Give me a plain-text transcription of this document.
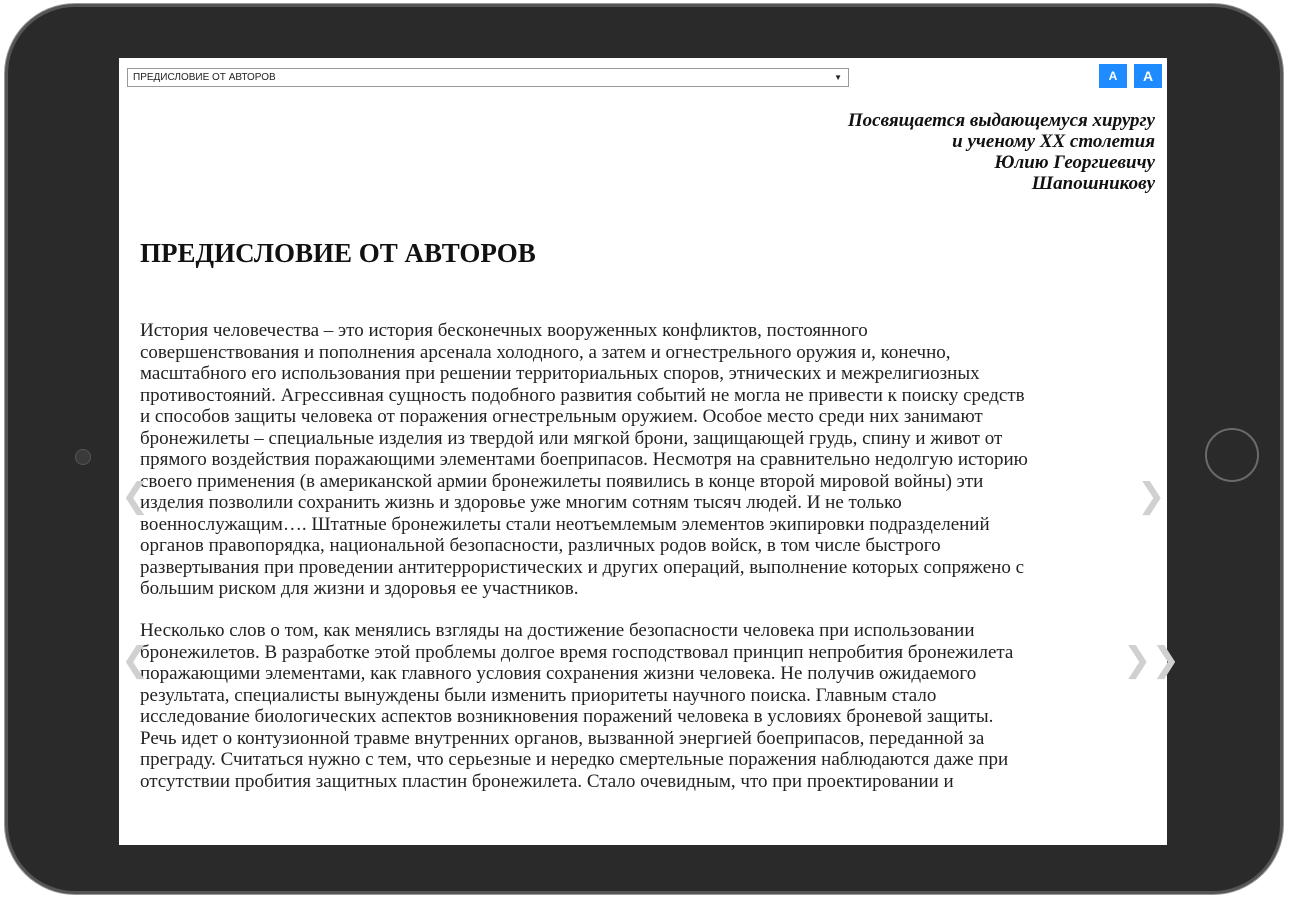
ПРЕДИСЛОВИЕ ОТ АВТОРОВ	▼	A	A
Посвящается выдающемуся хирургу
и ученому XX столетия
Юлию Георгиевичу
Шапошникову
ПРЕДИСЛОВИЕ ОТ АВТОРОВ
История человечества – это история бесконечных вооруженных конфликтов, постоянного
совершенствования и пополнения арсенала холодного, а затем и огнестрельного оружия и, конечно,
масштабного его использования при решении территориальных споров, этнических и межрелигиозных
противостояний. Агрессивная сущность подобного развития событий не могла не привести к поиску средств
и способов защиты человека от поражения огнестрельным оружием. Особое место среди них занимают
бронежилеты – специальные изделия из твердой или мягкой брони, защищающей грудь, спину и живот от
прямого воздействия поражающими элементами боеприпасов. Несмотря на сравнительно недолгую историю
своего применения (в американской армии бронежилеты появились в конце второй мировой войны) эти
изделия позволили сохранить жизнь и здоровье уже многим сотням тысяч людей. И не только
военнослужащим…. Штатные бронежилеты стали неотъемлемым элементов экипировки подразделений
органов правопорядка, национальной безопасности, различных родов войск, в том числе быстрого
развертывания при проведении антитеррористических и других операций, выполнение которых сопряжено с
большим риском для жизни и здоровья ее участников.
Несколько слов о том, как менялись взгляды на достижение безопасности человека при использовании
бронежилетов. В разработке этой проблемы долгое время господствовал принцип непробития бронежилета
поражающими элементами, как главного условия сохранения жизни человека. Не получив ожидаемого
результата, специалисты вынуждены были изменить приоритеты научного поиска. Главным стало
исследование биологических аспектов возникновения поражений человека в условиях броневой защиты.
Речь идет о контузионной травме внутренних органов, вызванной энергией боеприпасов, переданной за
преграду. Считаться нужно с тем, что серьезные и нередко смертельные поражения наблюдаются даже при
отсутствии пробития защитных пластин бронежилета. Стало очевидным, что при проектировании и
❮	❯
❮	❯❯
